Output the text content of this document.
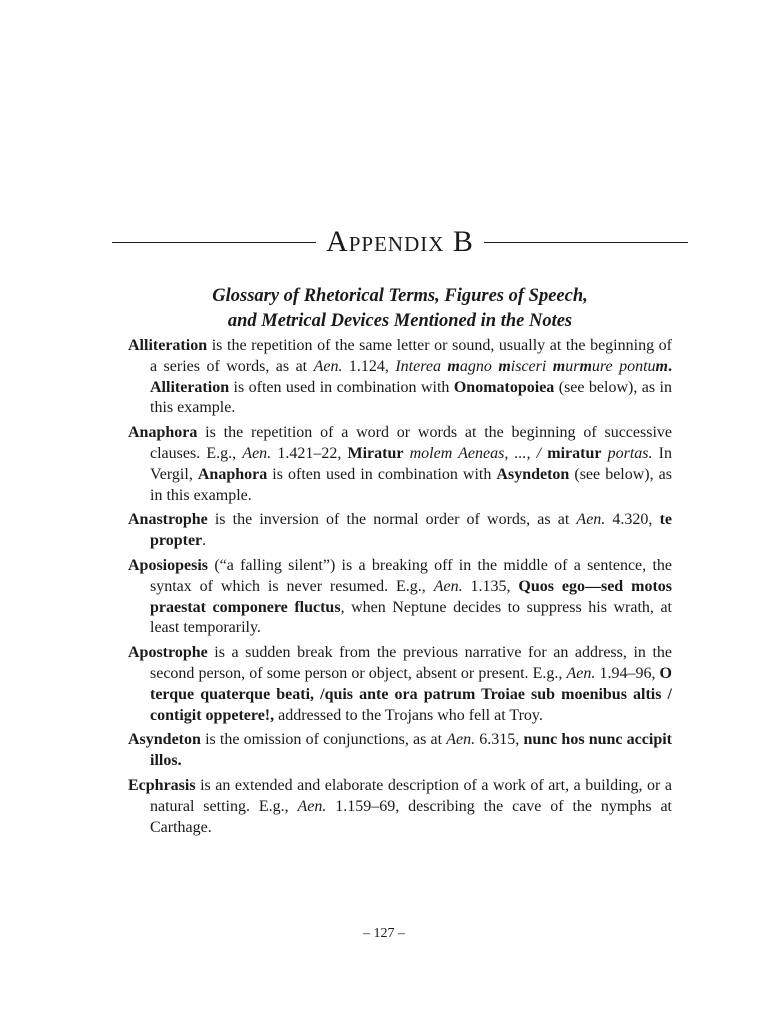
Appendix B
Glossary of Rhetorical Terms, Figures of Speech,
and Metrical Devices Mentioned in the Notes

Alliteration is the repetition of the same letter or sound, usually at the beginning of a series of words, as at Aen. 1.124, Interea magno misceri murmure pontum. Alliteration is often used in combination with Onomatopoiea (see below), as in this example.

Anaphora is the repetition of a word or words at the beginning of successive clauses. E.g., Aen. 1.421–22, Miratur molem Aeneas, ..., / miratur portas. In Vergil, Anaphora is often used in combination with Asyndeton (see below), as in this example.

Anastrophe is the inversion of the normal order of words, as at Aen. 4.320, te propter.

Aposiopesis (“a falling silent”) is a breaking off in the middle of a sentence, the syntax of which is never resumed. E.g., Aen. 1.135, Quos ego—sed motos praestat componere fluctus, when Neptune decides to suppress his wrath, at least temporarily.

Apostrophe is a sudden break from the previous narrative for an address, in the second person, of some person or object, absent or present. E.g., Aen. 1.94–96, O terque quaterque beati, /quis ante ora patrum Troiae sub moenibus altis / contigit oppetere!, addressed to the Trojans who fell at Troy.

Asyndeton is the omission of conjunctions, as at Aen. 6.315, nunc hos nunc accipit illos.

Ecphrasis is an extended and elaborate description of a work of art, a building, or a natural setting. E.g., Aen. 1.159–69, describing the cave of the nymphs at Carthage.

– 127 –
